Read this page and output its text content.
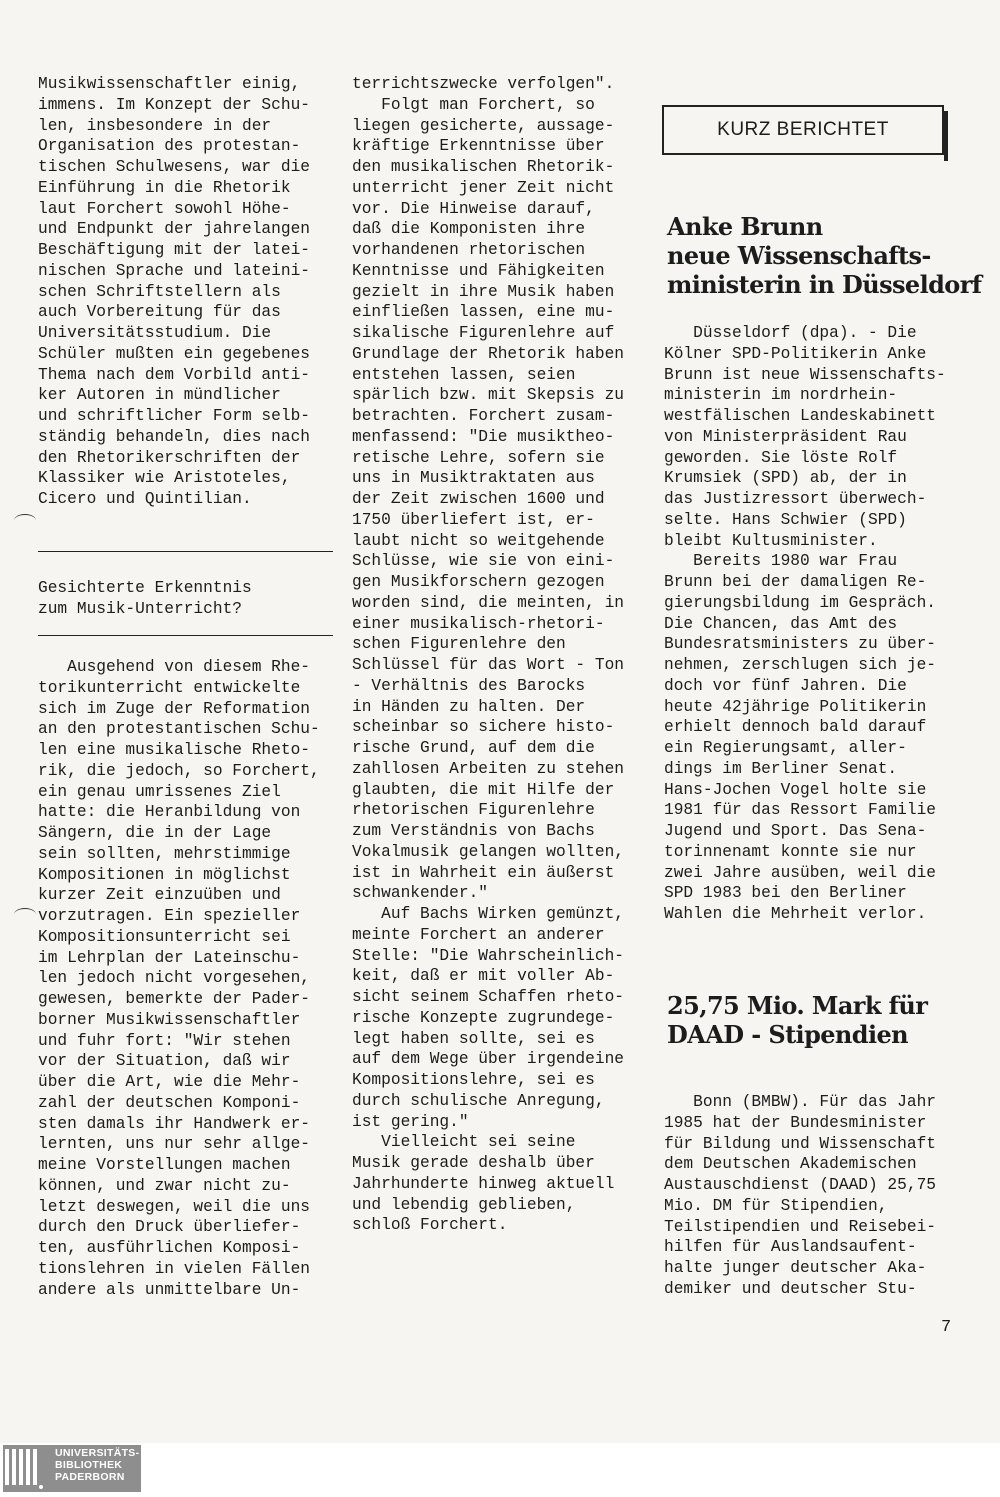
Musikwissenschaftler einig,

immens. Im Konzept der Schu-

len, insbesondere in der

Organisation des protestan-

tischen Schulwesens, war die

Einführung in die Rhetorik

laut Forchert sowohl Höhe-

und Endpunkt der jahrelangen

Beschäftigung mit der latei-

nischen Sprache und lateini-

schen Schriftstellern als

auch Vorbereitung für das

Universitätsstudium. Die

Schüler mußten ein gegebenes

Thema nach dem Vorbild anti-

ker Autoren in mündlicher

und schriftlicher Form selb-

ständig behandeln, dies nach

den Rhetorikerschriften der

Klassiker wie Aristoteles,

Cicero und Quintilian.

Gesichterte Erkenntnis

zum Musik-Unterricht?

Ausgehend von diesem Rhe-

torikunterricht entwickelte

sich im Zuge der Reformation

an den protestantischen Schu-

len eine musikalische Rheto-

rik, die jedoch, so Forchert,

ein genau umrissenes Ziel

hatte: die Heranbildung von

Sängern, die in der Lage

sein sollten, mehrstimmige

Kompositionen in möglichst

kurzer Zeit einzuüben und

vorzutragen. Ein spezieller

Kompositionsunterricht sei

im Lehrplan der Lateinschu-

len jedoch nicht vorgesehen,

gewesen, bemerkte der Pader-

borner Musikwissenschaftler

und fuhr fort: "Wir stehen

vor der Situation, daß wir

über die Art, wie die Mehr-

zahl der deutschen Komponi-

sten damals ihr Handwerk er-

lernten, uns nur sehr allge-

meine Vorstellungen machen

können, und zwar nicht zu-

letzt deswegen, weil die uns

durch den Druck überliefer-

ten, ausführlichen Komposi-

tionslehren in vielen Fällen

andere als unmittelbare Un-

terrichtszwecke verfolgen".

Folgt man Forchert, so

liegen gesicherte, aussage-

kräftige Erkenntnisse über

den musikalischen Rhetorik-

unterricht jener Zeit nicht

vor. Die Hinweise darauf,

daß die Komponisten ihre

vorhandenen rhetorischen

Kenntnisse und Fähigkeiten

gezielt in ihre Musik haben

einfließen lassen, eine mu-

sikalische Figurenlehre auf

Grundlage der Rhetorik haben

entstehen lassen, seien

spärlich bzw. mit Skepsis zu

betrachten. Forchert zusam-

menfassend: "Die musiktheo-

retische Lehre, sofern sie

uns in Musiktraktaten aus

der Zeit zwischen 1600 und

1750 überliefert ist, er-

laubt nicht so weitgehende

Schlüsse, wie sie von eini-

gen Musikforschern gezogen

worden sind, die meinten, in

einer musikalisch-rhetori-

schen Figurenlehre den

Schlüssel für das Wort - Ton

- Verhältnis des Barocks

in Händen zu halten. Der

scheinbar so sichere histo-

rische Grund, auf dem die

zahllosen Arbeiten zu stehen

glaubten, die mit Hilfe der

rhetorischen Figurenlehre

zum Verständnis von Bachs

Vokalmusik gelangen wollten,

ist in Wahrheit ein äußerst

schwankender."

Auf Bachs Wirken gemünzt,

meinte Forchert an anderer

Stelle: "Die Wahrscheinlich-

keit, daß er mit voller Ab-

sicht seinem Schaffen rheto-

rische Konzepte zugrundege-

legt haben sollte, sei es

auf dem Wege über irgendeine

Kompositionslehre, sei es

durch schulische Anregung,

ist gering."

Vielleicht sei seine

Musik gerade deshalb über

Jahrhunderte hinweg aktuell

und lebendig geblieben,

schloß Forchert.

KURZ BERICHTET
Anke Brunn
neue Wissenschafts-
ministerin in Düsseldorf

Düsseldorf (dpa). - Die

Kölner SPD-Politikerin Anke

Brunn ist neue Wissenschafts-

ministerin im nordrhein-

westfälischen Landeskabinett

von Ministerpräsident Rau

geworden. Sie löste Rolf

Krumsiek (SPD) ab, der in

das Justizressort überwech-

selte. Hans Schwier (SPD)

bleibt Kultusminister.

Bereits 1980 war Frau

Brunn bei der damaligen Re-

gierungsbildung im Gespräch.

Die Chancen, das Amt des

Bundesratsministers zu über-

nehmen, zerschlugen sich je-

doch vor fünf Jahren. Die

heute 42jährige Politikerin

erhielt dennoch bald darauf

ein Regierungsamt, aller-

dings im Berliner Senat.

Hans-Jochen Vogel holte sie

1981 für das Ressort Familie

Jugend und Sport. Das Sena-

torinnenamt konnte sie nur

zwei Jahre ausüben, weil die

SPD 1983 bei den Berliner

Wahlen die Mehrheit verlor.

25,75 Mio. Mark für
DAAD - Stipendien

Bonn (BMBW). Für das Jahr

1985 hat der Bundesminister

für Bildung und Wissenschaft

dem Deutschen Akademischen

Austauschdienst (DAAD) 25,75

Mio. DM für Stipendien,

Teilstipendien und Reisebei-

hilfen für Auslandsaufent-

halte junger deutscher Aka-

demiker und deutscher Stu-

7
UNIVERSITÄTS-
BIBLIOTHEK
PADERBORN
